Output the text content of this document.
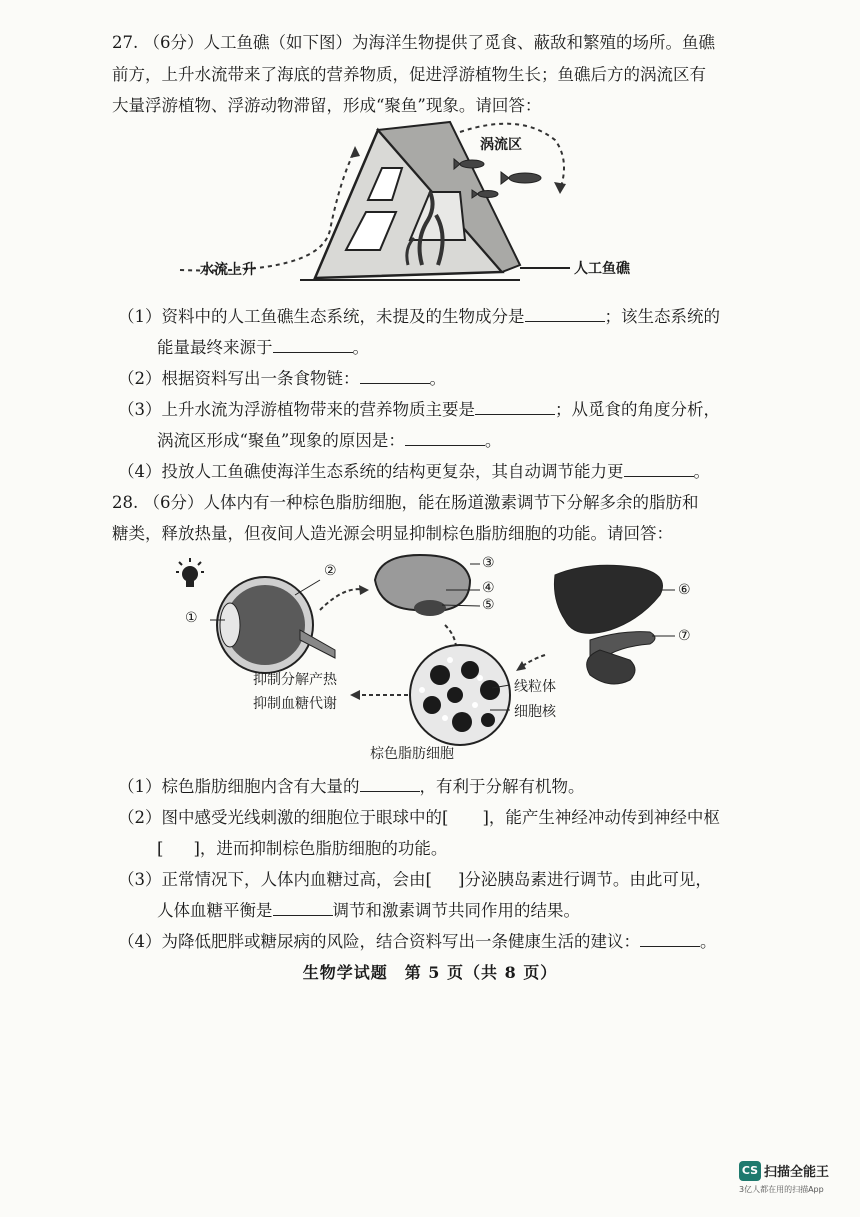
27. （6分）人工鱼礁（如下图）为海洋生物提供了觅食、蔽敌和繁殖的场所。鱼礁
前方，上升水流带来了海底的营养物质，促进浮游植物生长；鱼礁后方的涡流区有
大量浮游植物、浮游动物滞留，形成“聚鱼”现象。请回答：
涡流区
水流上升	人工鱼礁
（1）资料中的人工鱼礁生态系统，未提及的生物成分是	；该生态系统的
能量最终来源于	。
（2）根据资料写出一条食物链：	。
（3）上升水流为浮游植物带来的营养物质主要是	；从觅食的角度分析，
涡流区形成“聚鱼”现象的原因是：	。
（4）投放人工鱼礁使海洋生态系统的结构更复杂，其自动调节能力更	。
28. （6分）人体内有一种棕色脂肪细胞，能在肠道激素调节下分解多余的脂肪和
糖类，释放热量，但夜间人造光源会明显抑制棕色脂肪细胞的功能。请回答：
①
②	③
④
⑤
⑥
⑦
线粒体
细胞核
抑制分解产热
抑制血糖代谢
棕色脂肪细胞
（1）棕色脂肪细胞内含有大量的	，有利于分解有机物。
（2）图中感受光线刺激的细胞位于眼球中的[ ]，能产生神经冲动传到神经中枢
[ ]，进而抑制棕色脂肪细胞的功能。
（3）正常情况下，人体内血糖过高，会由[ ]分泌胰岛素进行调节。由此可见，
人体血糖平衡是	调节和激素调节共同作用的结果。
（4）为降低肥胖或糖尿病的风险，结合资料写出一条健康生活的建议：	。
生物学试题　第 5 页（共 8 页）
CS 扫描全能王
3亿人都在用的扫描App
